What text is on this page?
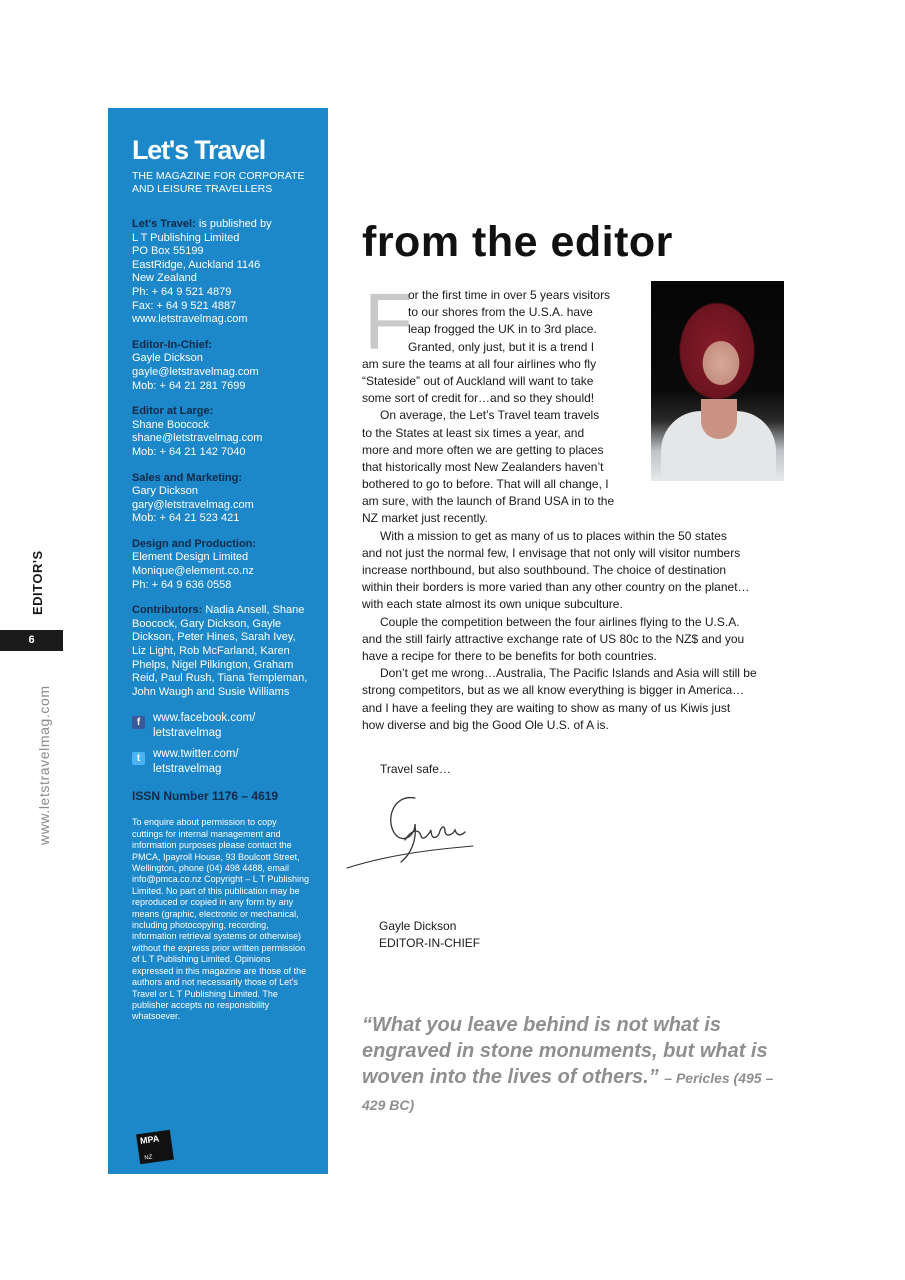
EDITOR'S
6
www.letstravelmag.com
Let's Travel
THE MAGAZINE FOR CORPORATE AND LEISURE TRAVELLERS
Let's Travel: is published by
L T Publishing Limited
PO Box 55199
EastRidge, Auckland 1146
New Zealand
Ph: + 64 9 521 4879
Fax: + 64 9 521 4887
www.letstravelmag.com
Editor-In-Chief:
Gayle Dickson
gayle@letstravelmag.com
Mob: + 64 21 281 7699
Editor at Large:
Shane Boocock
shane@letstravelmag.com
Mob: + 64 21 142 7040
Sales and Marketing:
Gary Dickson
gary@letstravelmag.com
Mob: + 64 21 523 421
Design and Production:
Element Design Limited
Monique@element.co.nz
Ph: + 64 9 636 0558
Contributors: Nadia Ansell, Shane Boocock, Gary Dickson, Gayle Dickson, Peter Hines, Sarah Ivey, Liz Light, Rob McFarland, Karen Phelps, Nigel Pilkington, Graham Reid, Paul Rush, Tiana Templeman, John Waugh and Susie Williams
f	www.facebook.com/
letstravelmag
t	www.twitter.com/
letstravelmag
ISSN Number 1176 – 4619
To enquire about permission to copy cuttings for internal management and information purposes please contact the PMCA, Ipayroll House, 93 Boulcott Street, Wellington, phone (04) 498 4488, email info@pmca.co.nz Copyright – L T Publishing Limited. No part of this publication may be reproduced or copied in any form by any means (graphic, electronic or mechanical, including photocopying, recording, information retrieval systems or otherwise) without the express prior written permission of L T Publishing Limited. Opinions expressed in this magazine are those of the authors and not necessarily those of Let's Travel or L T Publishing Limited. The publisher accepts no responsibility whatsoever.
MPA
NZ
from the editor
F
or the first time in over 5 years visitors
to our shores from the U.S.A. have
leap frogged the UK in to 3rd place.
Granted, only just, but it is a trend I
am sure the teams at all four airlines who fly
“Stateside” out of Auckland will want to take
some sort of credit for…and so they should!
On average, the Let’s Travel team travels
to the States at least six times a year, and
more and more often we are getting to places
that historically most New Zealanders haven’t
bothered to go to before. That will all change, I
am sure, with the launch of Brand USA in to the
NZ market just recently.
With a mission to get as many of us to places within the 50 states
and not just the normal few, I envisage that not only will visitor numbers
increase northbound, but also southbound. The choice of destination
within their borders is more varied than any other country on the planet…
with each state almost its own unique subculture.
Couple the competition between the four airlines flying to the U.S.A.
and the still fairly attractive exchange rate of US 80c to the NZ$ and you
have a recipe for there to be benefits for both countries.
Don’t get me wrong…Australia, The Pacific Islands and Asia will still be
strong competitors, but as we all know everything is bigger in America…
and I have a feeling they are waiting to show as many of us Kiwis just
how diverse and big the Good Ole U.S. of A is.
Travel safe…
Gayle Dickson
EDITOR-IN-CHIEF
“What you leave behind is not what is engraved in stone monuments, but what is woven into the lives of others.” – Pericles (495 – 429 BC)
